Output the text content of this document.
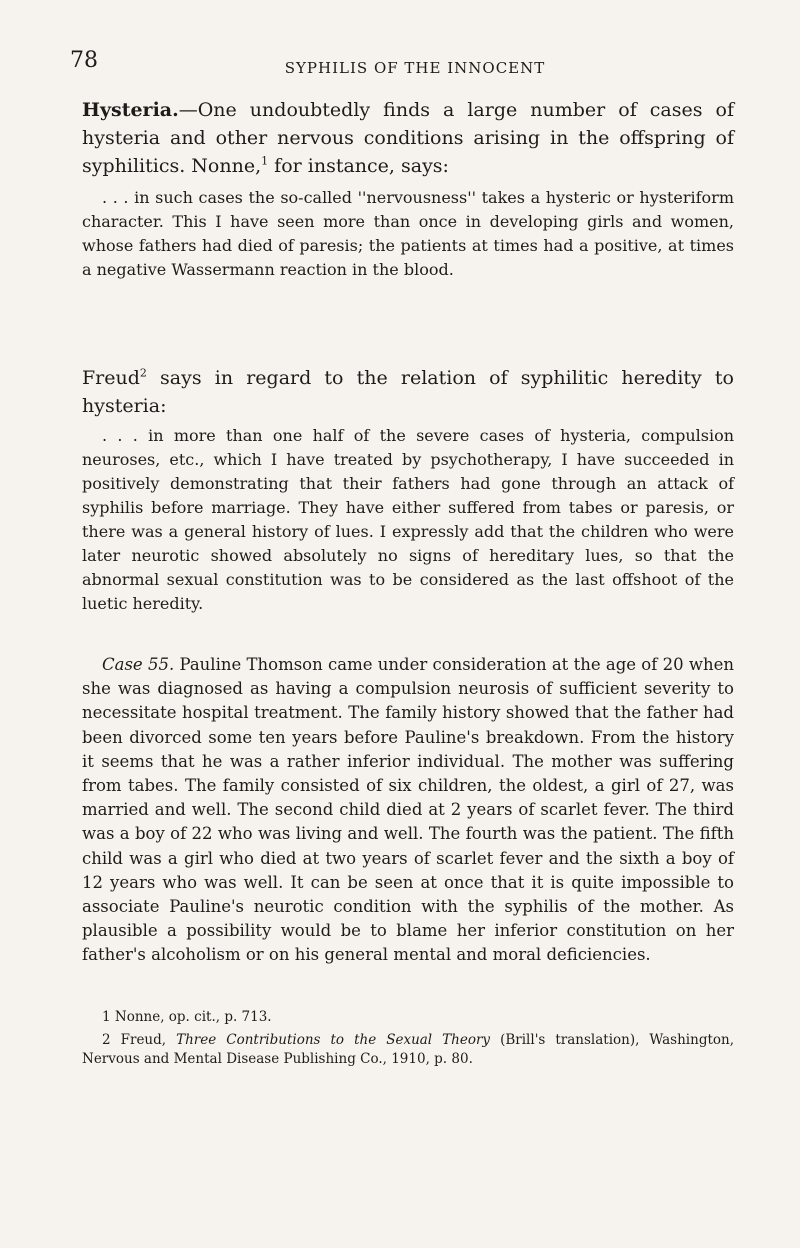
78	SYPHILIS OF THE INNOCENT

Hysteria.—One undoubtedly finds a large number of cases of hysteria and other nervous conditions arising in the offspring of syphilitics. Nonne,$^1$ for instance, says:

. . . in such cases the so-called ''nervousness'' takes a hysteric or hysteriform character. This I have seen more than once in developing girls and women, whose fathers had died of paresis; the patients at times had a positive, at times a negative Wassermann reaction in the blood.

Freud$^2$ says in regard to the relation of syphilitic heredity to hysteria:

. . . in more than one half of the severe cases of hysteria, compulsion neuroses, etc., which I have treated by psychotherapy, I have succeeded in positively demonstrating that their fathers had gone through an attack of syphilis before marriage. They have either suffered from tabes or paresis, or there was a general history of lues. I expressly add that the children who were later neurotic showed absolutely no signs of hereditary lues, so that the abnormal sexual constitution was to be considered as the last offshoot of the luetic heredity.

Case 55. Pauline Thomson came under consideration at the age of 20 when she was diagnosed as having a compulsion neurosis of sufficient severity to necessitate hospital treatment. The family history showed that the father had been divorced some ten years before Pauline's breakdown. From the history it seems that he was a rather inferior individual. The mother was suffering from tabes. The family consisted of six children, the oldest, a girl of 27, was married and well. The second child died at 2 years of scarlet fever. The third was a boy of 22 who was living and well. The fourth was the patient. The fifth child was a girl who died at two years of scarlet fever and the sixth a boy of 12 years who was well. It can be seen at once that it is quite impossible to associate Pauline's neurotic condition with the syphilis of the mother. As plausible a possibility would be to blame her inferior constitution on her father's alcoholism or on his general mental and moral deficiencies.

1 Nonne, op. cit., p. 713.

2 Freud, Three Contributions to the Sexual Theory (Brill's translation), Washington, Nervous and Mental Disease Publishing Co., 1910, p. 80.
